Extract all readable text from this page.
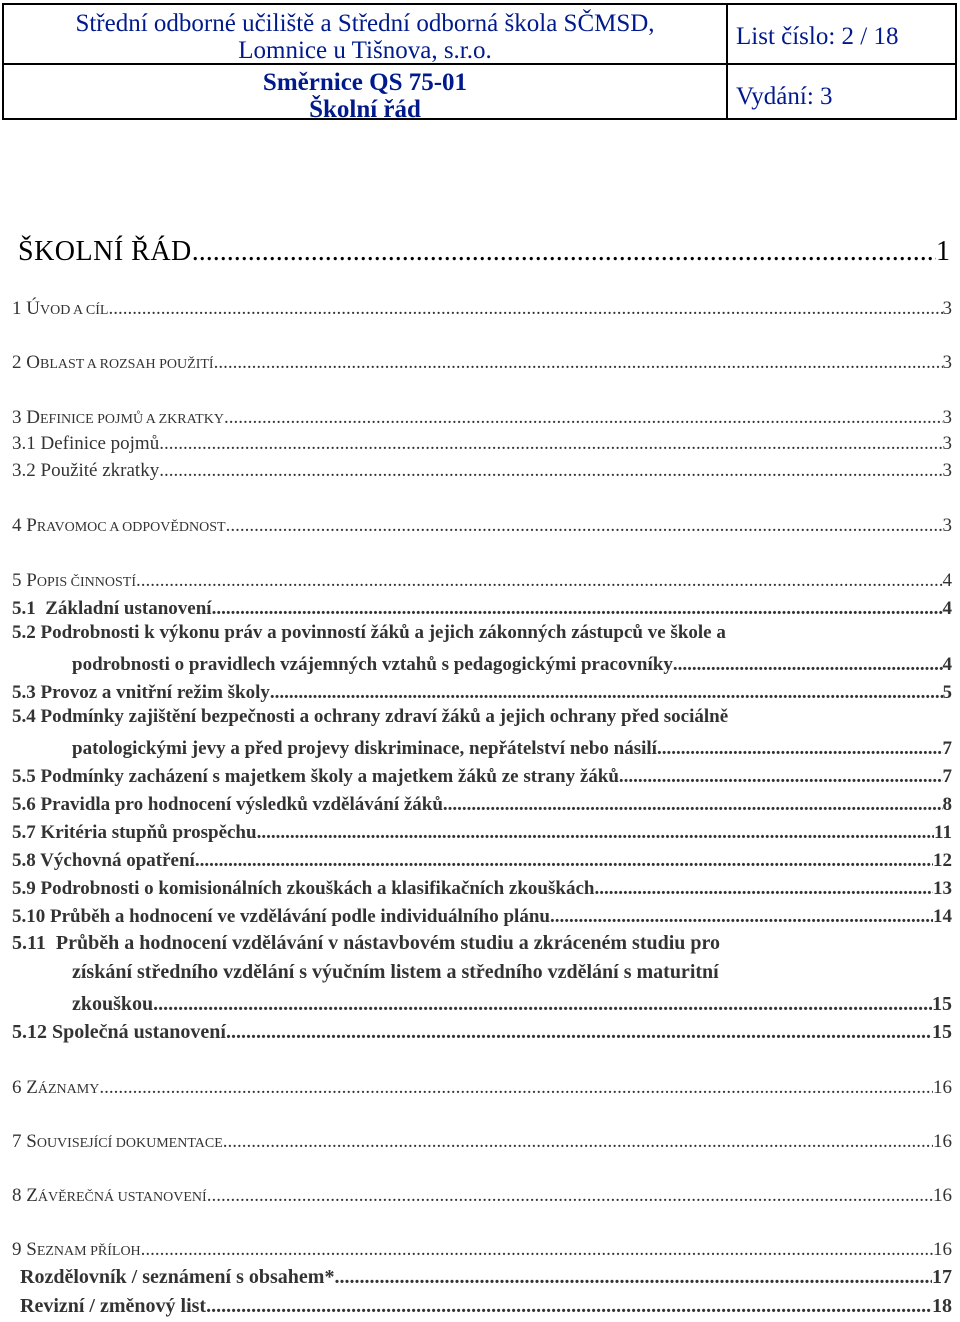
Střední odborné učiliště a Střední odborná škola SČMSD,
Lomnice u Tišnova, s.r.o.
Směrnice QS 75-01
Školní řád
List číslo: 2 / 18
Vydání: 3
ŠKOLNÍ ŘÁD .....	1
1 ÚVOD A CÍL .....	3
2 OBLAST A ROZSAH POUŽITÍ .....	3
3 DEFINICE POJMŮ A ZKRATKY .....	3
3.1 Definice pojmů .....	3
3.2 Použité zkratky .....	3
4 PRAVOMOC A ODPOVĚDNOST .....	3
5 POPIS ČINNOSTÍ .....	4
5.1 Základní ustanovení .....	4
5.2 Podrobnosti k výkonu práv a povinností žáků a jejich zákonných zástupců ve škole a
podrobnosti o pravidlech vzájemných vztahů s pedagogickými pracovníky .....	4
5.3 Provoz a vnitřní režim školy .....	5
5.4 Podmínky zajištění bezpečnosti a ochrany zdraví žáků a jejich ochrany před sociálně
patologickými jevy a před projevy diskriminace, nepřátelství nebo násilí .....	7
5.5 Podmínky zacházení s majetkem školy a majetkem žáků ze strany žáků .....	7
5.6 Pravidla pro hodnocení výsledků vzdělávání žáků .....	8
5.7 Kritéria stupňů prospěchu .....	11
5.8 Výchovná opatření .....	12
5.9 Podrobnosti o komisionálních zkouškách a klasifikačních zkouškách .....	13
5.10 Průběh a hodnocení ve vzdělávání podle individuálního plánu .....	14
5.11 Průběh a hodnocení vzdělávání v nástavbovém studiu a zkráceném studiu pro
získání středního vzdělání s výučním listem a středního vzdělání s maturitní
zkouškou .....	15
5.12 Společná ustanovení .....	15
6 ZÁZNAMY .....	16
7 SOUVISEJÍCÍ DOKUMENTACE .....	16
8 ZÁVĚREČNÁ USTANOVENÍ .....	16
9 SEZNAM PŘÍLOH .....	16
Rozdělovník / seznámení s obsahem* .....	17
Revizní / změnový list .....	18
